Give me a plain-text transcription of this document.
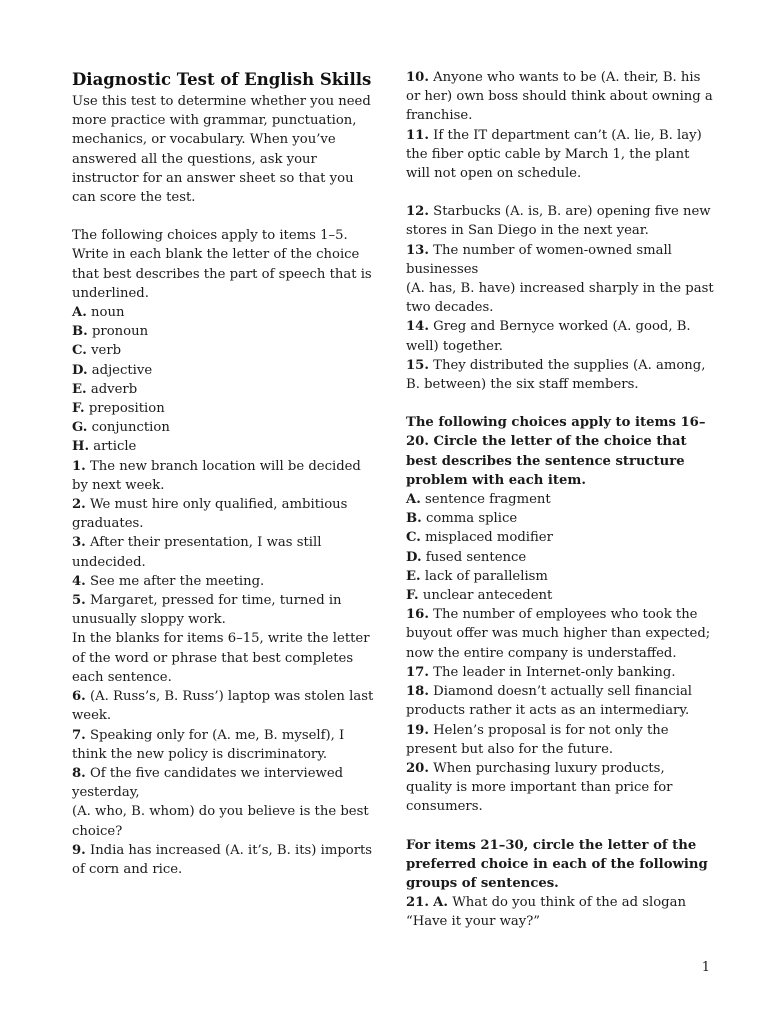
Diagnostic Test of English Skills

Use this test to determine whether you need more practice with grammar, punctuation, mechanics, or vocabulary. When you’ve answered all the questions, ask your instructor for an answer sheet so that you can score the test.

The following choices apply to items 1–5. Write in each blank the letter of the choice that best describes the part of speech that is underlined.

A. noun

B. pronoun

C. verb

D. adjective

E. adverb

F. preposition

G. conjunction

H. article

1. The new branch location will be decided by next week.

2. We must hire only qualified, ambitious graduates.

3. After their presentation, I was still undecided.

4. See me after the meeting.

5. Margaret, pressed for time, turned in unusually sloppy work.

In the blanks for items 6–15, write the letter of the word or phrase that best completes each sentence.

6. (A. Russ’s, B. Russ’) laptop was stolen last week.

7. Speaking only for (A. me, B. myself), I think the new policy is discriminatory.

8. Of the five candidates we interviewed yesterday,

(A. who, B. whom) do you believe is the best choice?

9. India has increased (A. it’s, B. its) imports of corn and rice.

10. Anyone who wants to be (A. their, B. his or her) own boss should think about owning a franchise.

11. If the IT department can’t (A. lie, B. lay) the fiber optic cable by March 1, the plant will not open on schedule.

12. Starbucks (A. is, B. are) opening five new stores in San Diego in the next year.

13. The number of women-owned small businesses

(A. has, B. have) increased sharply in the past two decades.

14. Greg and Bernyce worked (A. good, B. well) together.

15. They distributed the supplies (A. among, B. between) the six staff members.

The following choices apply to items 16–20. Circle the letter of the choice that best describes the sentence structure problem with each item.

A. sentence fragment

B. comma splice

C. misplaced modifier

D. fused sentence

E. lack of parallelism

F. unclear antecedent

16. The number of employees who took the buyout offer was much higher than expected; now the entire company is understaffed.

17. The leader in Internet-only banking.

18. Diamond doesn’t actually sell financial products rather it acts as an intermediary.

19. Helen’s proposal is for not only the present but also for the future.

20. When purchasing luxury products, quality is more important than price for consumers.

For items 21–30, circle the letter of the preferred choice in each of the following groups of sentences.

21. A. What do you think of the ad slogan “Have it your way?”

1
